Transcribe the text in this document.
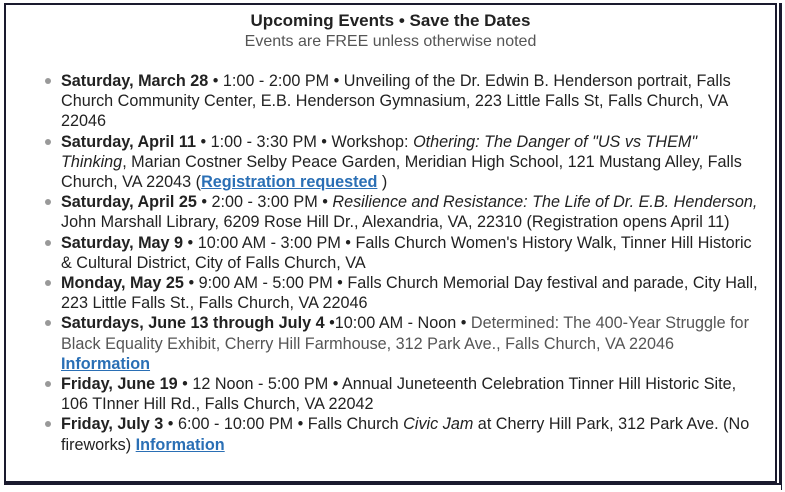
Upcoming Events • Save the Dates
Events are FREE unless otherwise noted
Saturday, March 28 • 1:00 - 2:00 PM • Unveiling of the Dr. Edwin B. Henderson portrait, Falls Church Community Center, E.B. Henderson Gymnasium, 223 Little Falls St, Falls Church, VA 22046
Saturday, April 11 • 1:00 - 3:30 PM • Workshop: Othering: The Danger of "US vs THEM" Thinking, Marian Costner Selby Peace Garden, Meridian High School, 121 Mustang Alley, Falls Church, VA 22043 (Registration requested )
Saturday, April 25 • 2:00 - 3:00 PM • Resilience and Resistance: The Life of Dr. E.B. Henderson, John Marshall Library, 6209 Rose Hill Dr., Alexandria, VA, 22310 (Registration opens April 11)
Saturday, May 9 • 10:00 AM - 3:00 PM • Falls Church Women's History Walk, Tinner Hill Historic & Cultural District, City of Falls Church, VA
Monday, May 25 • 9:00 AM - 5:00 PM • Falls Church Memorial Day festival and parade, City Hall, 223 Little Falls St., Falls Church, VA 22046
Saturdays, June 13 through July 4 •10:00 AM - Noon • Determined: The 400-Year Struggle for Black Equality Exhibit, Cherry Hill Farmhouse, 312 Park Ave., Falls Church, VA 22046 Information
Friday, June 19 • 12 Noon - 5:00 PM • Annual Juneteenth Celebration Tinner Hill Historic Site, 106 TInner Hill Rd., Falls Church, VA 22042
Friday, July 3 • 6:00 - 10:00 PM • Falls Church Civic Jam at Cherry Hill Park, 312 Park Ave. (No fireworks) Information
